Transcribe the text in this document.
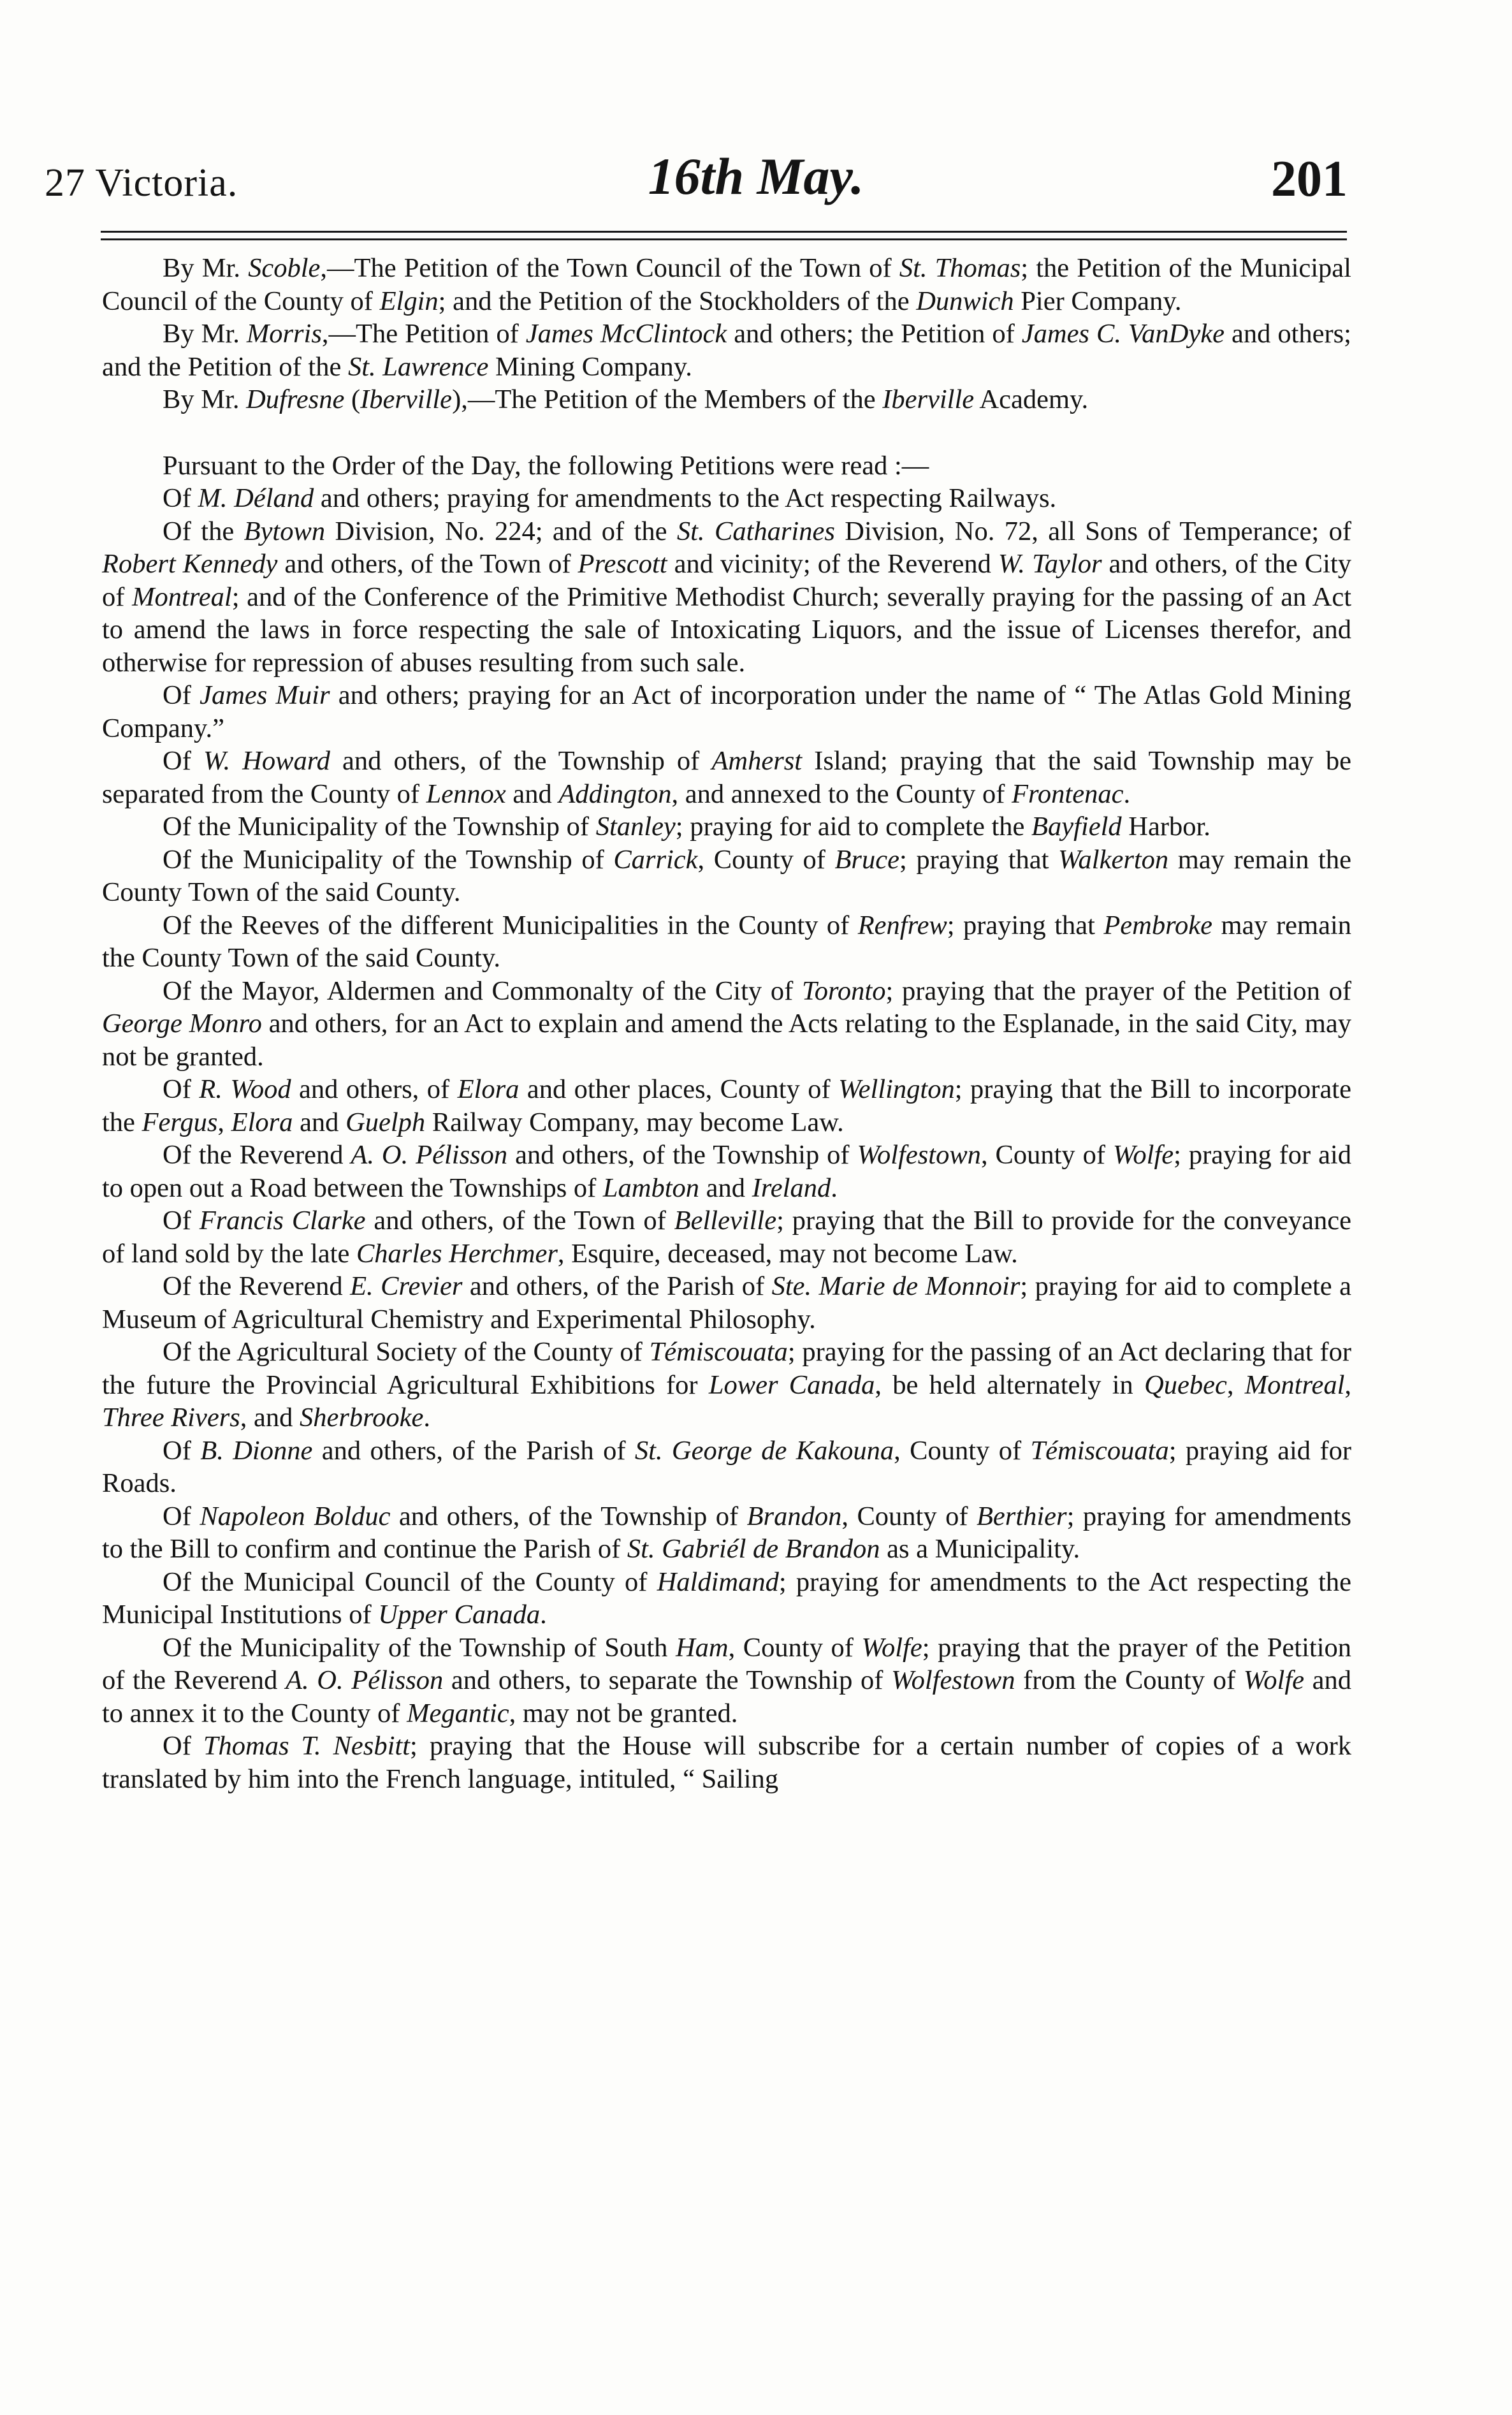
27 Victoria.	16th May.	201

By Mr. Scoble,—The Petition of the Town Council of the Town of St. Thomas; the Petition of the Municipal Council of the County of Elgin; and the Petition of the Stockholders of the Dunwich Pier Company.

By Mr. Morris,—The Petition of James McClintock and others; the Petition of James C. VanDyke and others; and the Petition of the St. Lawrence Mining Company.

By Mr. Dufresne (Iberville),—The Petition of the Members of the Iberville Academy.

Pursuant to the Order of the Day, the following Petitions were read :—

Of M. Déland and others; praying for amendments to the Act respecting Railways.

Of the Bytown Division, No. 224; and of the St. Catharines Division, No. 72, all Sons of Temperance; of Robert Kennedy and others, of the Town of Prescott and vicinity; of the Reverend W. Taylor and others, of the City of Montreal; and of the Conference of the Primitive Methodist Church; severally praying for the passing of an Act to amend the laws in force respecting the sale of Intoxicating Liquors, and the issue of Licenses therefor, and otherwise for repression of abuses resulting from such sale.

Of James Muir and others; praying for an Act of incorporation under the name of “ The Atlas Gold Mining Company.”

Of W. Howard and others, of the Township of Amherst Island; praying that the said Township may be separated from the County of Lennox and Addington, and annexed to the County of Frontenac.

Of the Municipality of the Township of Stanley; praying for aid to complete the Bayfield Harbor.

Of the Municipality of the Township of Carrick, County of Bruce; praying that Walkerton may remain the County Town of the said County.

Of the Reeves of the different Municipalities in the County of Renfrew; praying that Pembroke may remain the County Town of the said County.

Of the Mayor, Aldermen and Commonalty of the City of Toronto; praying that the prayer of the Petition of George Monro and others, for an Act to explain and amend the Acts relating to the Esplanade, in the said City, may not be granted.

Of R. Wood and others, of Elora and other places, County of Wellington; praying that the Bill to incorporate the Fergus, Elora and Guelph Railway Company, may become Law.

Of the Reverend A. O. Pélisson and others, of the Township of Wolfestown, County of Wolfe; praying for aid to open out a Road between the Townships of Lambton and Ireland.

Of Francis Clarke and others, of the Town of Belleville; praying that the Bill to provide for the conveyance of land sold by the late Charles Herchmer, Esquire, deceased, may not become Law.

Of the Reverend E. Crevier and others, of the Parish of Ste. Marie de Monnoir; praying for aid to complete a Museum of Agricultural Chemistry and Experimental Philosophy.

Of the Agricultural Society of the County of Témiscouata; praying for the passing of an Act declaring that for the future the Provincial Agricultural Exhibitions for Lower Canada, be held alternately in Quebec, Montreal, Three Rivers, and Sherbrooke.

Of B. Dionne and others, of the Parish of St. George de Kakouna, County of Témiscouata; praying aid for Roads.

Of Napoleon Bolduc and others, of the Township of Brandon, County of Berthier; praying for amendments to the Bill to confirm and continue the Parish of St. Gabriél de Brandon as a Municipality.

Of the Municipal Council of the County of Haldimand; praying for amendments to the Act respecting the Municipal Institutions of Upper Canada.

Of the Municipality of the Township of South Ham, County of Wolfe; praying that the prayer of the Petition of the Reverend A. O. Pélisson and others, to separate the Township of Wolfestown from the County of Wolfe and to annex it to the County of Megantic, may not be granted.

Of Thomas T. Nesbitt; praying that the House will subscribe for a certain number of copies of a work translated by him into the French language, intituled, “ Sailing
